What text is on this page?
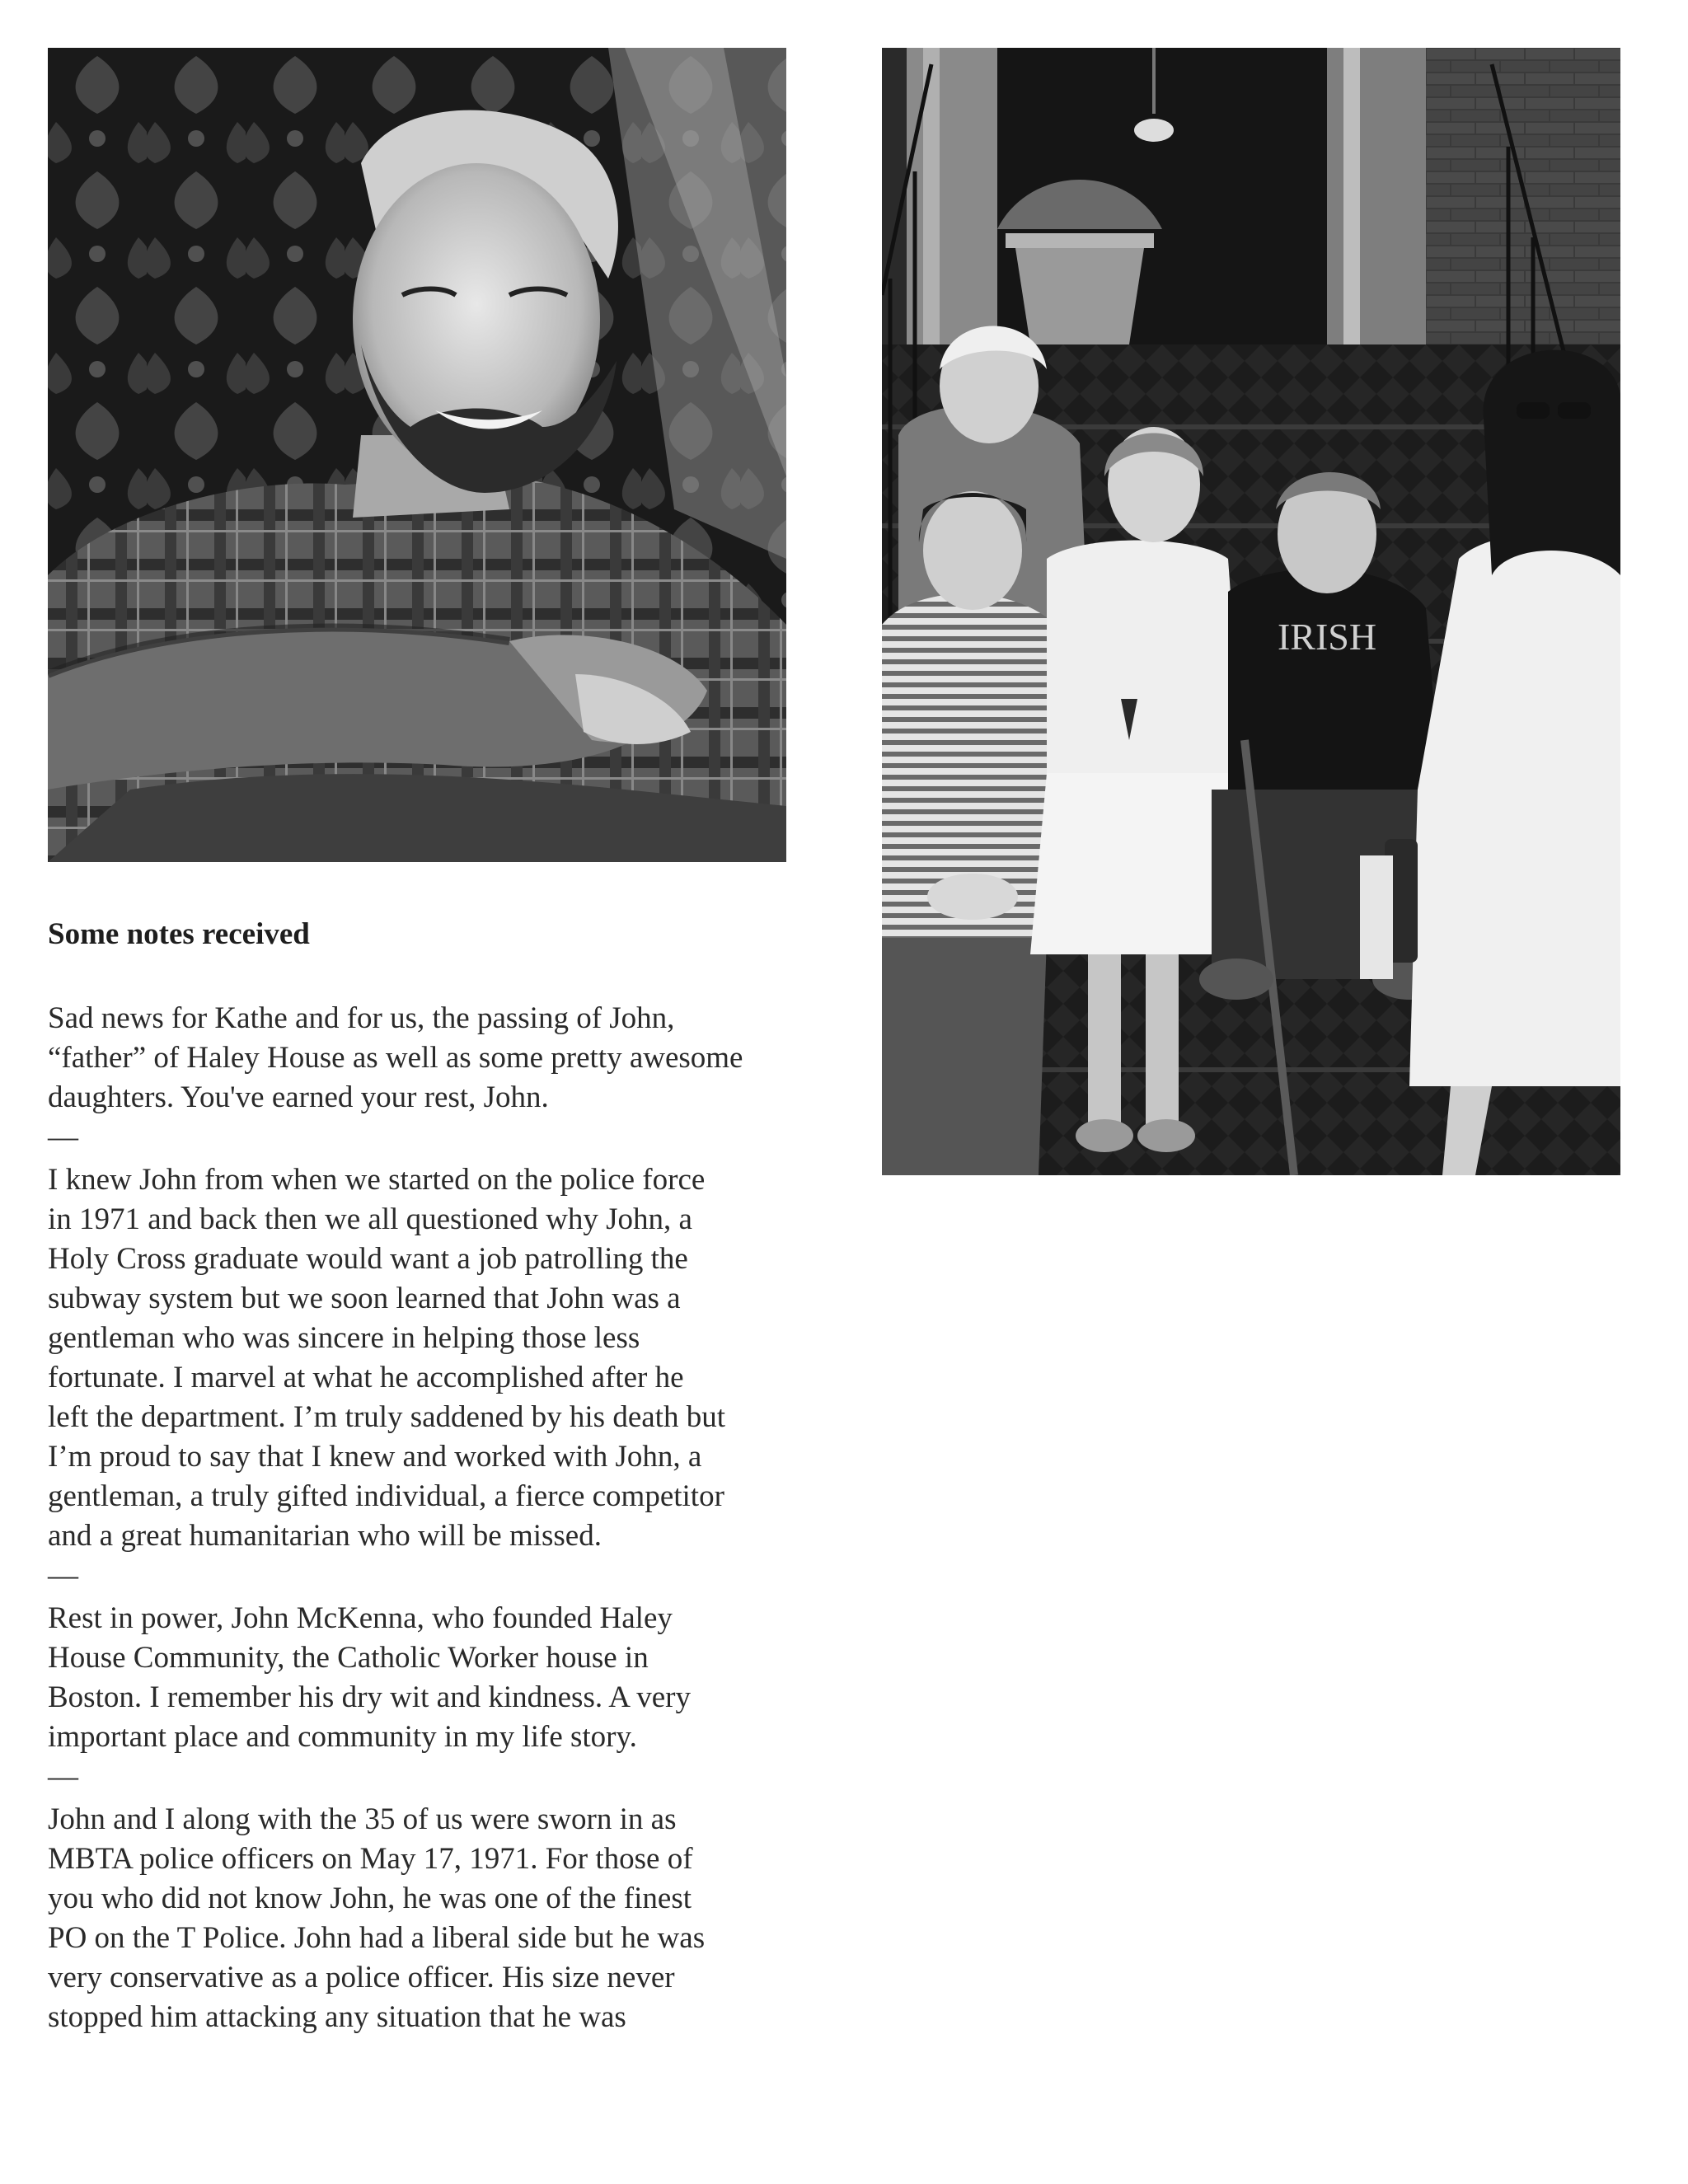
IRISH
Some notes received

Sad news for Kathe and for us, the passing of John,
“father” of Haley House as well as some pretty awesome
daughters. You've earned your rest, John.

—

I knew John from when we started on the police force
in 1971 and back then we all questioned why John, a
Holy Cross graduate would want a job patrolling the
subway system but we soon learned that John was a
gentleman who was sincere in helping those less
fortunate. I marvel at what he accomplished after he
left the department. I’m truly saddened by his death but
I’m proud to say that I knew and worked with John, a
gentleman, a truly gifted individual, a fierce competitor
and a great humanitarian who will be missed.

—

Rest in power, John McKenna, who founded Haley
House Community, the Catholic Worker house in
Boston. I remember his dry wit and kindness. A very
important place and community in my life story.

—

John and I along with the 35 of us were sworn in as
MBTA police officers on May 17, 1971. For those of
you who did not know John, he was one of the finest
PO on the T Police. John had a liberal side but he was
very conservative as a police officer. His size never
stopped him attacking any situation that he was
